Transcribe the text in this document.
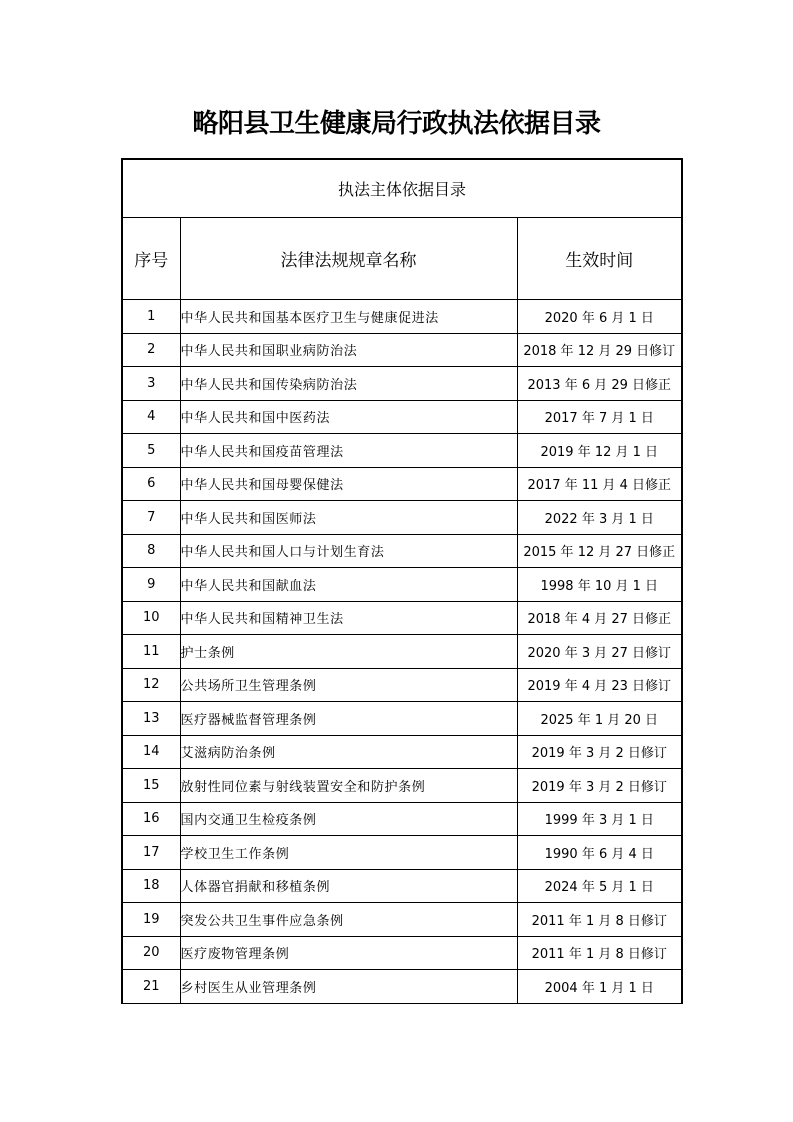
略阳县卫生健康局行政执法依据目录
执法主体依据目录		
序号	法律法规规章名称	生效时间
1	中华人民共和国基本医疗卫生与健康促进法	2020 年 6 月 1 日
2	中华人民共和国职业病防治法	2018 年 12 月 29 日修订
3	中华人民共和国传染病防治法	2013 年 6 月 29 日修正
4	中华人民共和国中医药法	2017 年 7 月 1 日
5	中华人民共和国疫苗管理法	2019 年 12 月 1 日
6	中华人民共和国母婴保健法	2017 年 11 月 4 日修正
7	中华人民共和国医师法	2022 年 3 月 1 日
8	中华人民共和国人口与计划生育法	2015 年 12 月 27 日修正
9	中华人民共和国献血法	1998 年 10 月 1 日
10	中华人民共和国精神卫生法	2018 年 4 月 27 日修正
11	护士条例	2020 年 3 月 27 日修订
12	公共场所卫生管理条例	2019 年 4 月 23 日修订
13	医疗器械监督管理条例	2025 年 1 月 20 日
14	艾滋病防治条例	2019 年 3 月 2 日修订
15	放射性同位素与射线装置安全和防护条例	2019 年 3 月 2 日修订
16	国内交通卫生检疫条例	1999 年 3 月 1 日
17	学校卫生工作条例	1990 年 6 月 4 日
18	人体器官捐献和移植条例	2024 年 5 月 1 日
19	突发公共卫生事件应急条例	2011 年 1 月 8 日修订
20	医疗废物管理条例	2011 年 1 月 8 日修订
21	乡村医生从业管理条例	2004 年 1 月 1 日
